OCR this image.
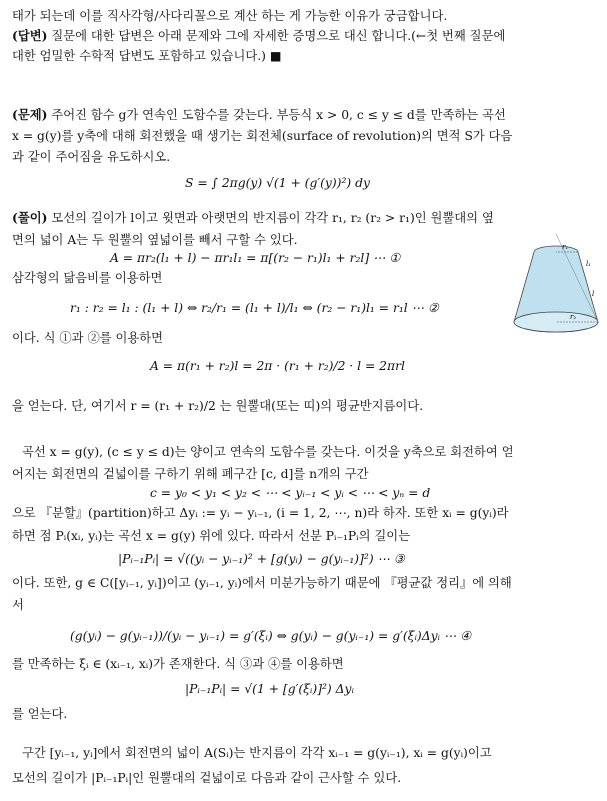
태가 되는데 이를 직사각형/사다리꼴으로 계산 하는 게 가능한 이유가 궁금합니다.
(답변) 질문에 대한 답변은 아래 문제와 그에 자세한 증명으로 대신 합니다.(←첫 번째 질문에
대한 엄밀한 수학적 답변도 포함하고 있습니다.) ■
(문제) 주어진 함수 g가 연속인 도함수를 갖는다. 부등식 x > 0, c ≤ y ≤ d를 만족하는 곡선
x = g(y)를 y축에 대해 회전했을 때 생기는 회전체(surface of revolution)의 면적 S가 다음
과 같이 주어짐을 유도하시오.
S = ∫ 2πg(y) √(1 + (g′(y))²) dy
(풀이) 모선의 길이가 l이고 윗면과 아랫면의 반지름이 각각 r₁, r₂ (r₂ > r₁)인 원뿔대의 옆
면의 넓이 A는 두 원뿔의 옆넓이를 빼서 구할 수 있다.
A = πr₂(l₁ + l) − πr₁l₁ = π[(r₂ − r₁)l₁ + r₂l] ⋯ ①
삼각형의 닮음비를 이용하면
r₁ : r₂ = l₁ : (l₁ + l) ⇔ r₂/r₁ = (l₁ + l)/l₁ ⇔ (r₂ − r₁)l₁ = r₁l ⋯ ②
이다. 식 ①과 ②를 이용하면
A = π(r₁ + r₂)l = 2π · (r₁ + r₂)/2 · l = 2πrl
을 얻는다. 단, 여기서 r = (r₁ + r₂)/2 는 원뿔대(또는 띠)의 평균반지름이다.
l₁
l
r₁
r₂
곡선 x = g(y), (c ≤ y ≤ d)는 양이고 연속의 도함수를 갖는다. 이것을 y축으로 회전하여 얻
어지는 회전면의 겉넓이를 구하기 위해 폐구간 [c, d]를 n개의 구간
c = y₀ < y₁ < y₂ < ⋯ < yᵢ₋₁ < yᵢ < ⋯ < yₙ = d
으로 『분할』(partition)하고 Δyᵢ := yᵢ − yᵢ₋₁, (i = 1, 2, ⋯, n)라 하자. 또한 xᵢ = g(yᵢ)라
하면 점 Pᵢ(xᵢ, yᵢ)는 곡선 x = g(y) 위에 있다. 따라서 선분 Pᵢ₋₁Pᵢ의 길이는
|Pᵢ₋₁Pᵢ| = √((yᵢ − yᵢ₋₁)² + [g(yᵢ) − g(yᵢ₋₁)]²) ⋯ ③
이다. 또한, g ∈ C([yᵢ₋₁, yᵢ])이고 (yᵢ₋₁, yᵢ)에서 미분가능하기 때문에 『평균값 정리』에 의해
서
(g(yᵢ) − g(yᵢ₋₁))/(yᵢ − yᵢ₋₁) = g′(ξᵢ) ⇔ g(yᵢ) − g(yᵢ₋₁) = g′(ξᵢ)Δyᵢ ⋯ ④
를 만족하는 ξᵢ ∈ (xᵢ₋₁, xᵢ)가 존재한다. 식 ③과 ④를 이용하면
|Pᵢ₋₁Pᵢ| = √(1 + [g′(ξᵢ)]²) Δyᵢ
를 얻는다.
구간 [yᵢ₋₁, yᵢ]에서 회전면의 넓이 A(Sᵢ)는 반지름이 각각 xᵢ₋₁ = g(yᵢ₋₁), xᵢ = g(yᵢ)이고
모선의 길이가 |Pᵢ₋₁Pᵢ|인 원뿔대의 겉넓이로 다음과 같이 근사할 수 있다.
